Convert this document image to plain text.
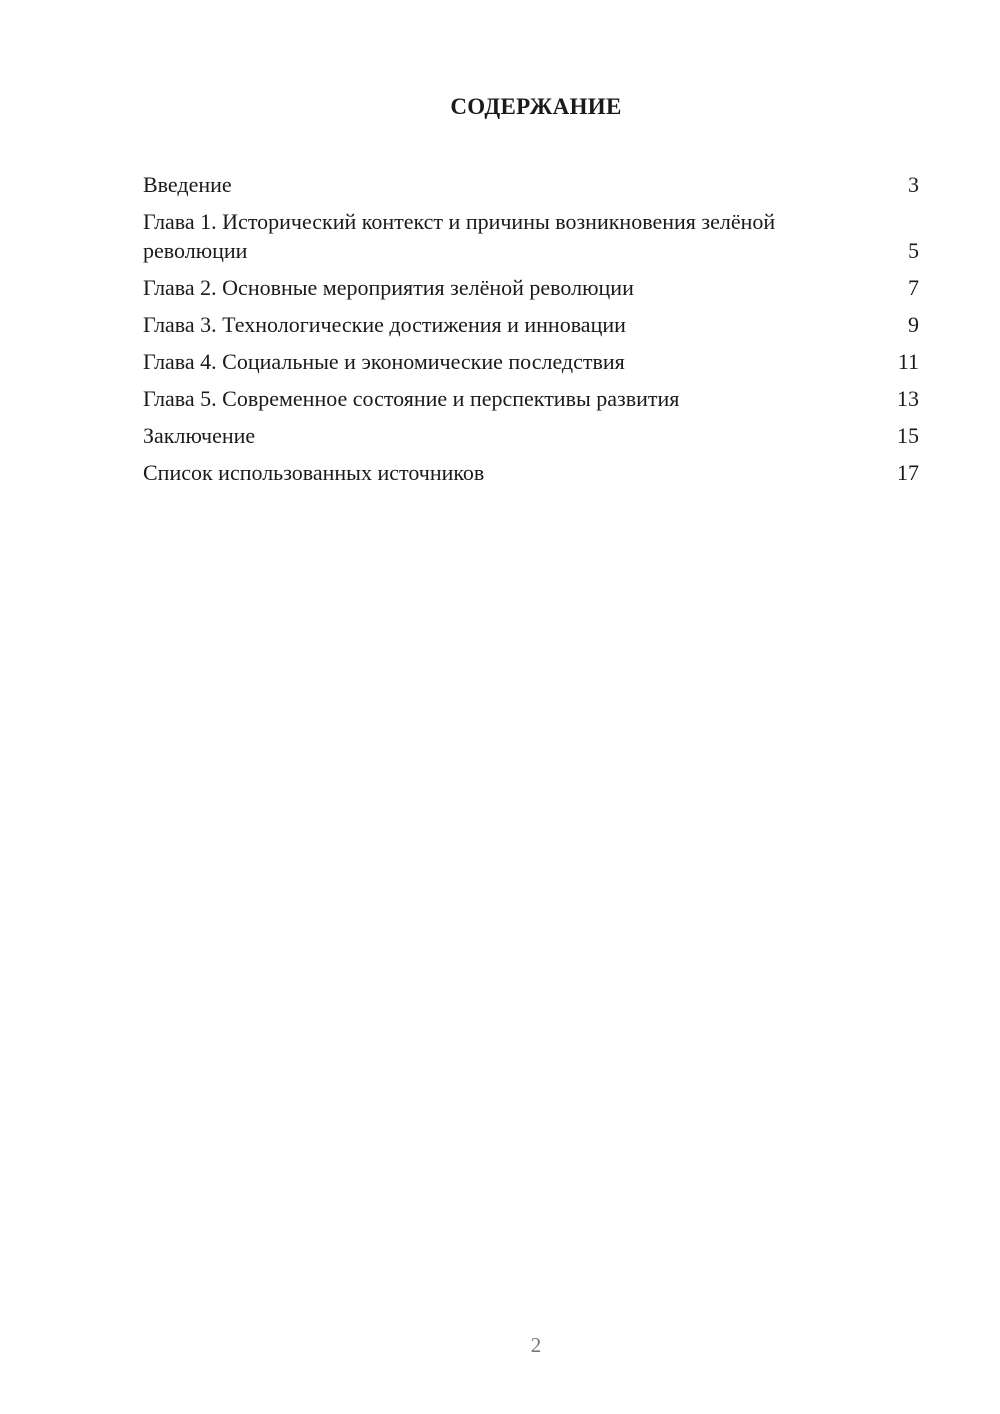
СОДЕРЖАНИЕ
Введение	3
Глава 1. Исторический контекст и причины возникновения зелёной революции	5
Глава 2. Основные мероприятия зелёной революции	7
Глава 3. Технологические достижения и инновации	9
Глава 4. Социальные и экономические последствия	11
Глава 5. Современное состояние и перспективы развития	13
Заключение	15
Список использованных источников	17
2
